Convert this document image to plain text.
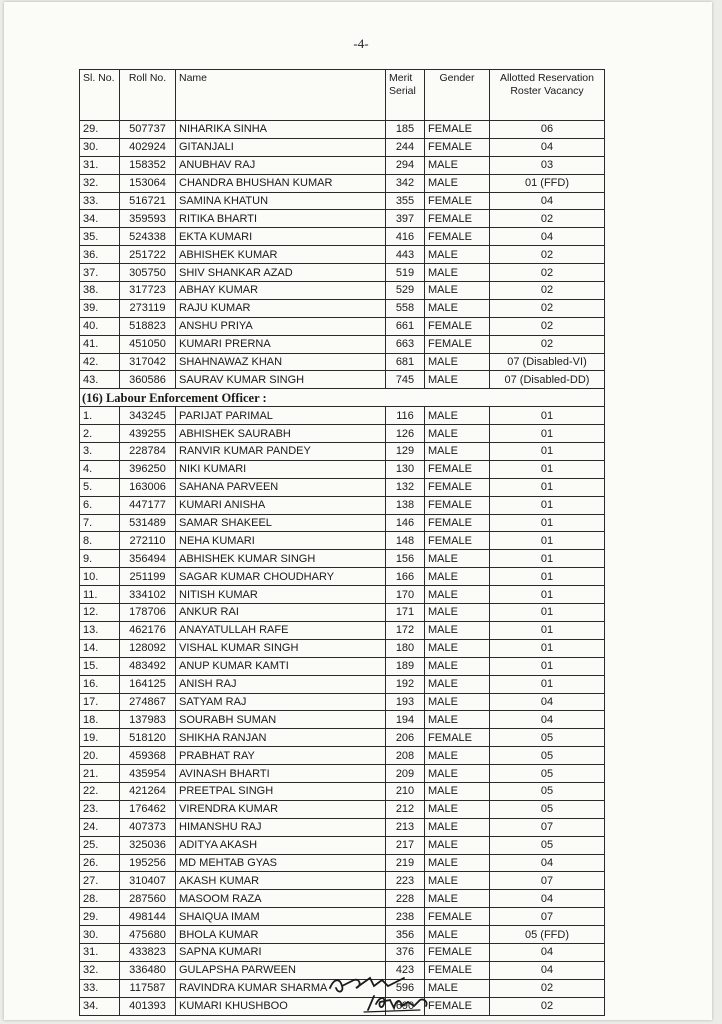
-4-
Sl. No.	Roll No.	Name	Merit Serial	Gender	Allotted Reservation Roster Vacancy
29.	507737	NIHARIKA SINHA	185	FEMALE	06
30.	402924	GITANJALI	244	FEMALE	04
31.	158352	ANUBHAV RAJ	294	MALE	03
32.	153064	CHANDRA BHUSHAN KUMAR	342	MALE	01 (FFD)
33.	516721	SAMINA KHATUN	355	FEMALE	04
34.	359593	RITIKA BHARTI	397	FEMALE	02
35.	524338	EKTA KUMARI	416	FEMALE	04
36.	251722	ABHISHEK KUMAR	443	MALE	02
37.	305750	SHIV SHANKAR AZAD	519	MALE	02
38.	317723	ABHAY KUMAR	529	MALE	02
39.	273119	RAJU KUMAR	558	MALE	02
40.	518823	ANSHU PRIYA	661	FEMALE	02
41.	451050	KUMARI PRERNA	663	FEMALE	02
42.	317042	SHAHNAWAZ KHAN	681	MALE	07 (Disabled-VI)
43.	360586	SAURAV KUMAR SINGH	745	MALE	07 (Disabled-DD)
(16) Labour Enforcement Officer :					
1.	343245	PARIJAT PARIMAL	116	MALE	01
2.	439255	ABHISHEK SAURABH	126	MALE	01
3.	228784	RANVIR KUMAR PANDEY	129	MALE	01
4.	396250	NIKI KUMARI	130	FEMALE	01
5.	163006	SAHANA PARVEEN	132	FEMALE	01
6.	447177	KUMARI ANISHA	138	FEMALE	01
7.	531489	SAMAR SHAKEEL	146	FEMALE	01
8.	272110	NEHA KUMARI	148	FEMALE	01
9.	356494	ABHISHEK KUMAR SINGH	156	MALE	01
10.	251199	SAGAR KUMAR CHOUDHARY	166	MALE	01
11.	334102	NITISH KUMAR	170	MALE	01
12.	178706	ANKUR RAI	171	MALE	01
13.	462176	ANAYATULLAH RAFE	172	MALE	01
14.	128092	VISHAL KUMAR SINGH	180	MALE	01
15.	483492	ANUP KUMAR KAMTI	189	MALE	01
16.	164125	ANISH RAJ	192	MALE	01
17.	274867	SATYAM RAJ	193	MALE	04
18.	137983	SOURABH SUMAN	194	MALE	04
19.	518120	SHIKHA RANJAN	206	FEMALE	05
20.	459368	PRABHAT RAY	208	MALE	05
21.	435954	AVINASH BHARTI	209	MALE	05
22.	421264	PREETPAL SINGH	210	MALE	05
23.	176462	VIRENDRA KUMAR	212	MALE	05
24.	407373	HIMANSHU RAJ	213	MALE	07
25.	325036	ADITYA AKASH	217	MALE	05
26.	195256	MD MEHTAB GYAS	219	MALE	04
27.	310407	AKASH KUMAR	223	MALE	07
28.	287560	MASOOM RAZA	228	MALE	04
29.	498144	SHAIQUA IMAM	238	FEMALE	07
30.	475680	BHOLA KUMAR	356	MALE	05 (FFD)
31.	433823	SAPNA KUMARI	376	FEMALE	04
32.	336480	GULAPSHA PARWEEN	423	FEMALE	04
33.	117587	RAVINDRA KUMAR SHARMA	596	MALE	02
34.	401393	KUMARI KHUSHBOO	690	FEMALE	02
